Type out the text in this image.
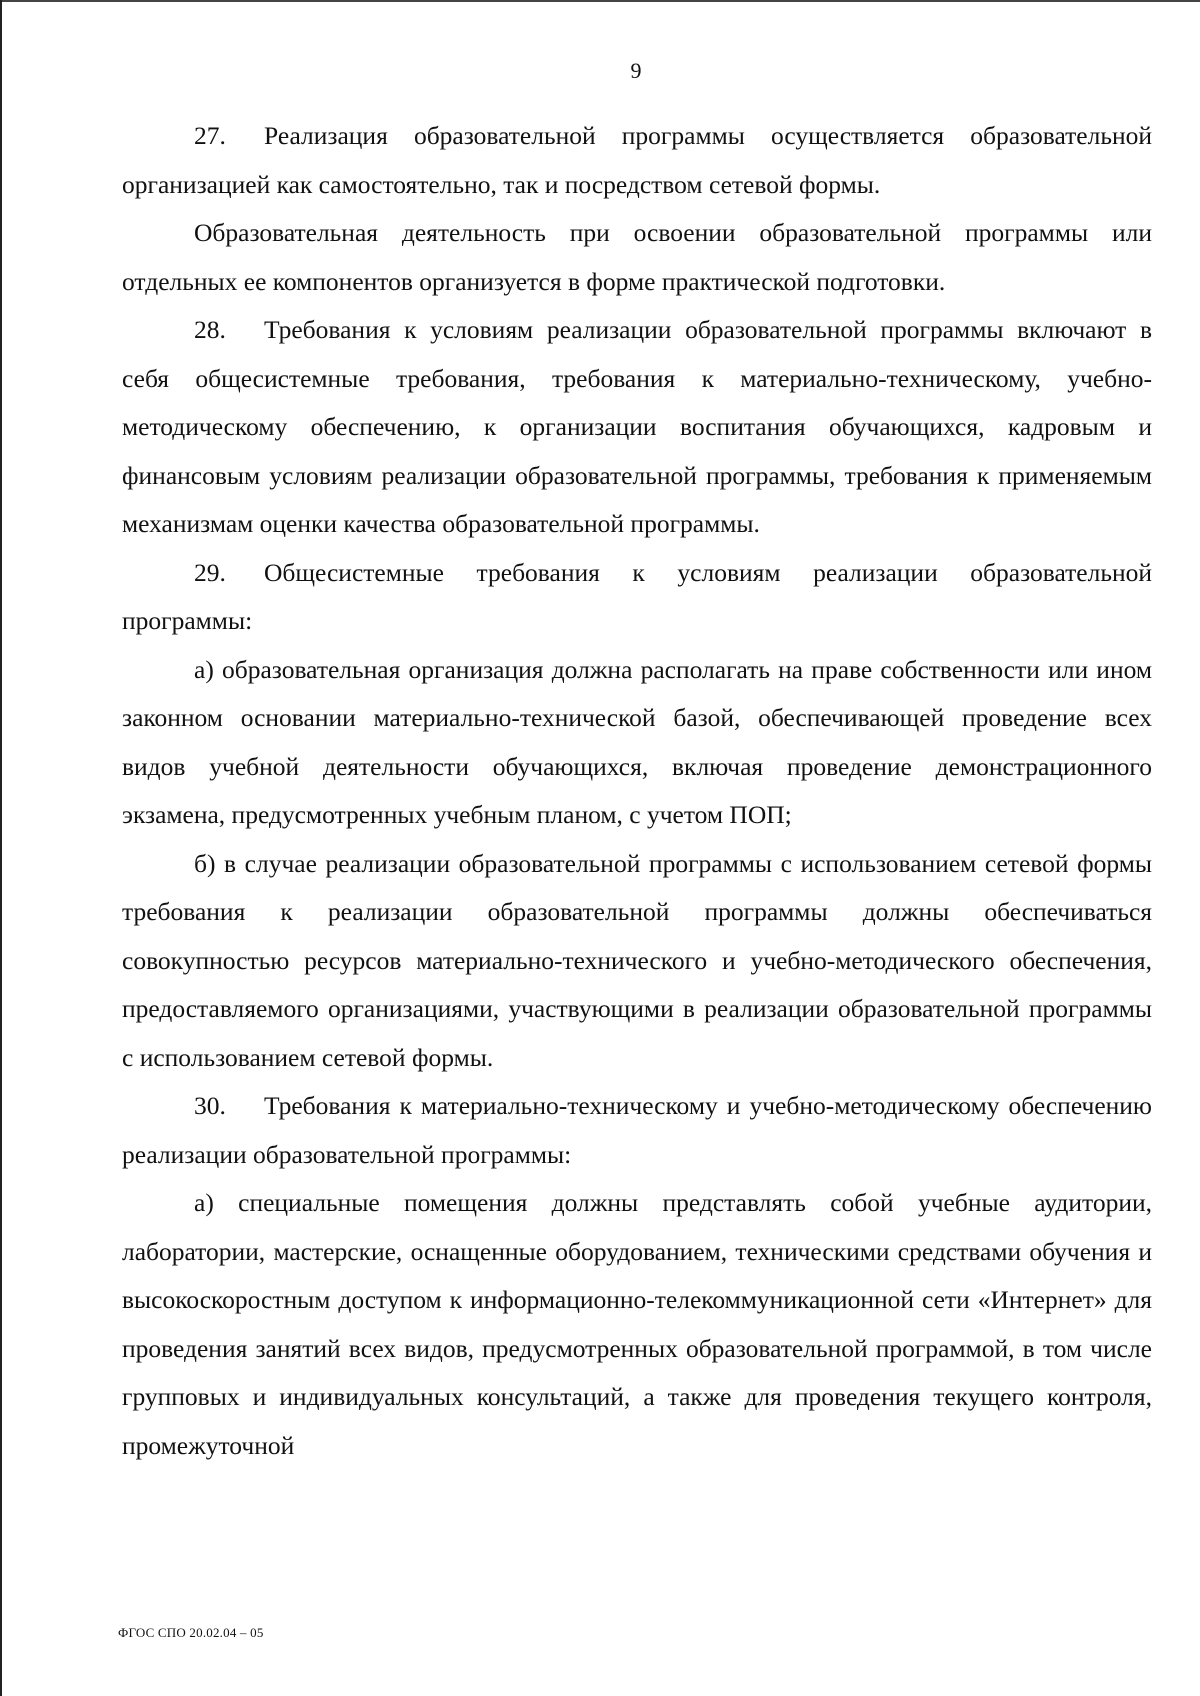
9

27. Реализация образовательной программы осуществляется образовательной организацией как самостоятельно, так и посредством сетевой формы.

Образовательная деятельность при освоении образовательной программы или отдельных ее компонентов организуется в форме практической подготовки.

28. Требования к условиям реализации образовательной программы включают в себя общесистемные требования, требования к материально-техническому, учебно-методическому обеспечению, к организации воспитания обучающихся, кадровым и финансовым условиям реализации образовательной программы, требования к применяемым механизмам оценки качества образовательной программы.

29. Общесистемные требования к условиям реализации образовательной программы:

а) образовательная организация должна располагать на праве собственности или ином законном основании материально-технической базой, обеспечивающей проведение всех видов учебной деятельности обучающихся, включая проведение демонстрационного экзамена, предусмотренных учебным планом, с учетом ПОП;

б) в случае реализации образовательной программы с использованием сетевой формы требования к реализации образовательной программы должны обеспечиваться совокупностью ресурсов материально-технического и учебно-методического обеспечения, предоставляемого организациями, участвующими в реализации образовательной программы с использованием сетевой формы.

30. Требования к материально-техническому и учебно-методическому обеспечению реализации образовательной программы:

а) специальные помещения должны представлять собой учебные аудитории, лаборатории, мастерские, оснащенные оборудованием, техническими средствами обучения и высокоскоростным доступом к информационно-телекоммуникационной сети «Интернет» для проведения занятий всех видов, предусмотренных образовательной программой, в том числе групповых и индивидуальных консультаций, а также для проведения текущего контроля, промежуточной

ФГОС СПО 20.02.04 – 05
